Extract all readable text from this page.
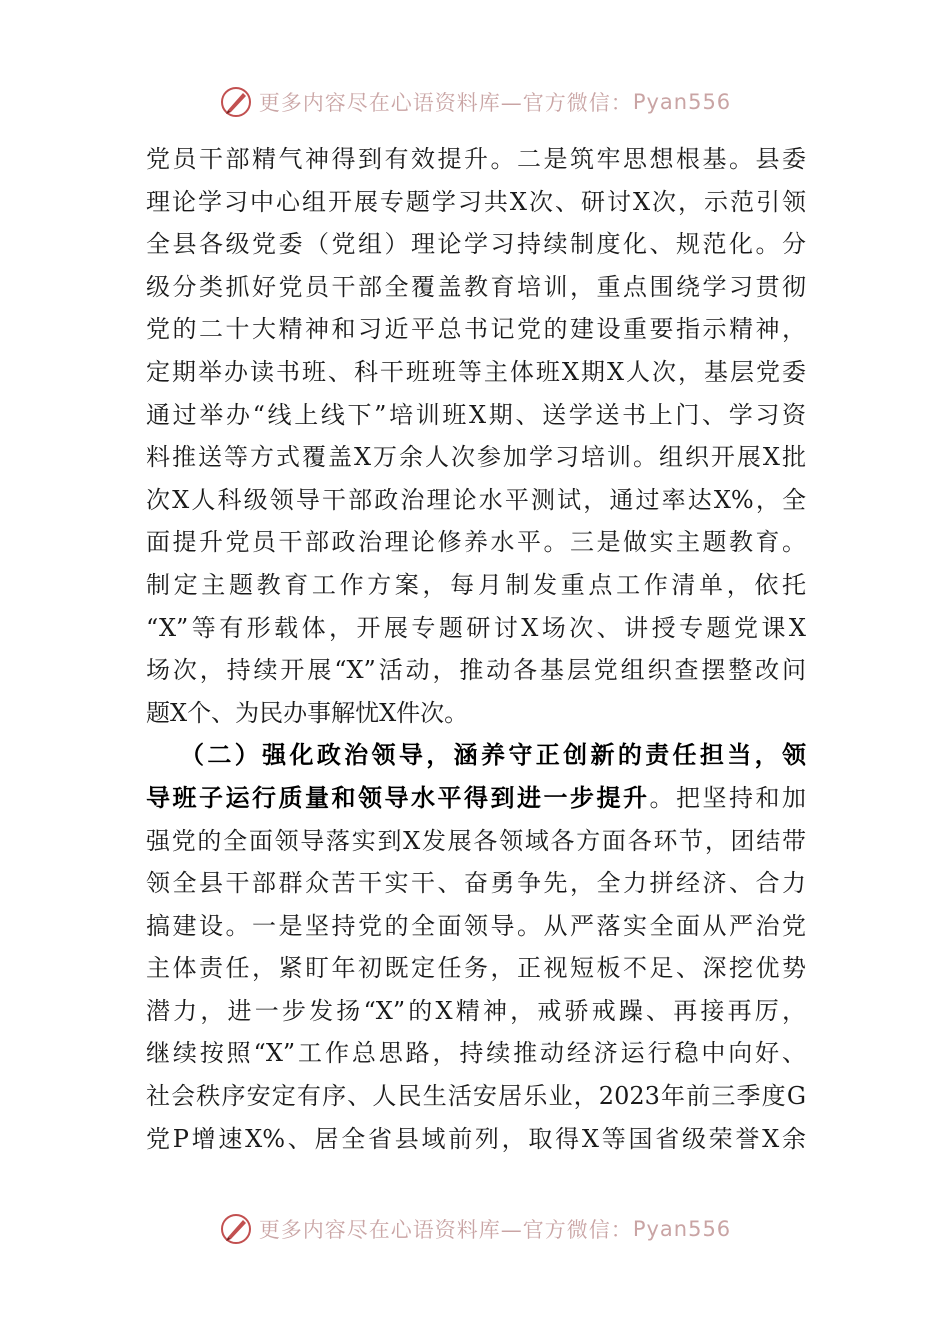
更多内容尽在心语资料库—官方微信： Pyan556
党员干部精气神得到有效提升。二是筑牢思想根基。县委
理论学习中心组开展专题学习共X次、研讨X次，示范引领
全县各级党委（党组）理论学习持续制度化、规范化。分
级分类抓好党员干部全覆盖教育培训，重点围绕学习贯彻
党的二十大精神和习近平总书记党的建设重要指示精神，
定期举办读书班、科干班班等主体班X期X人次，基层党委
通过举办“线上线下”培训班X期、送学送书上门、学习资
料推送等方式覆盖X万余人次参加学习培训。组织开展X批
次X人科级领导干部政治理论水平测试，通过率达X%，全
面提升党员干部政治理论修养水平。三是做实主题教育。
制定主题教育工作方案，每月制发重点工作清单，依托
“X”等有形载体，开展专题研讨X场次、讲授专题党课X
场次，持续开展“X”活动，推动各基层党组织查摆整改问
题X个、为民办事解忧X件次。
（二）强化政治领导，涵养守正创新的责任担当，领
导班子运行质量和领导水平得到进一步提升。把坚持和加
强党的全面领导落实到X发展各领域各方面各环节，团结带
领全县干部群众苦干实干、奋勇争先，全力拼经济、合力
搞建设。一是坚持党的全面领导。从严落实全面从严治党
主体责任，紧盯年初既定任务，正视短板不足、深挖优势
潜力，进一步发扬“X”的X精神，戒骄戒躁、再接再厉，
继续按照“X”工作总思路，持续推动经济运行稳中向好、
社会秩序安定有序、人民生活安居乐业，2023年前三季度G
党P增速X%、居全省县域前列，取得X等国省级荣誉X余
更多内容尽在心语资料库—官方微信： Pyan556
